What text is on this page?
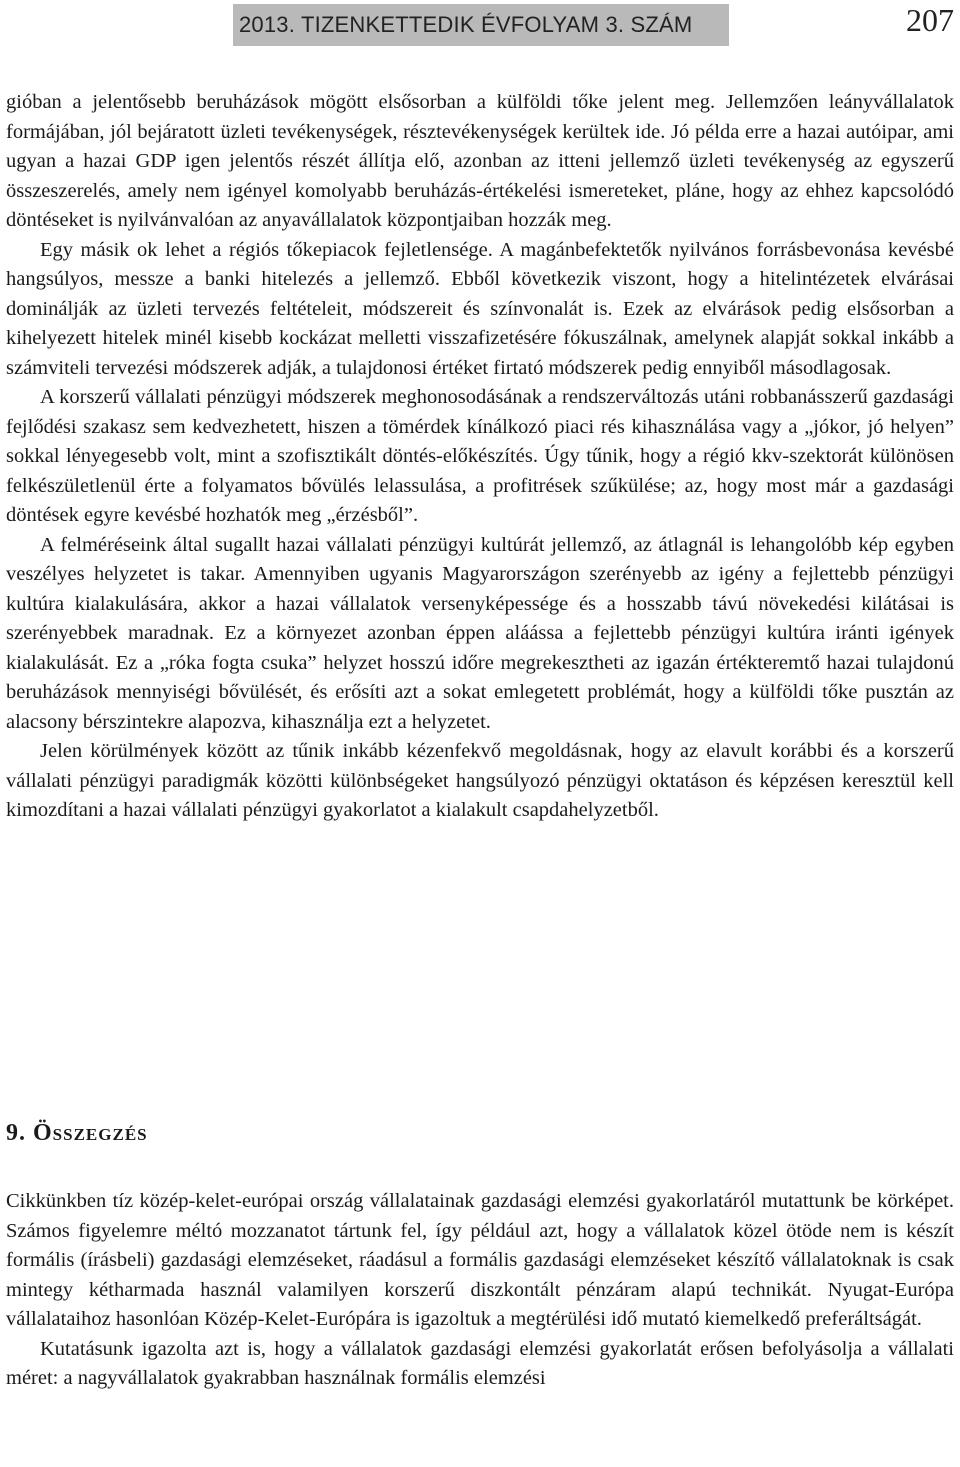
2013. TIZENKETTEDIK ÉVFOLYAM 3. SZÁM	207

gióban a jelentősebb beruházások mögött elsősorban a külföldi tőke jelent meg. Jellemzően leányvállalatok formájában, jól bejáratott üzleti tevékenységek, résztevékenységek kerültek ide. Jó példa erre a hazai autóipar, ami ugyan a hazai GDP igen jelentős részét állítja elő, azonban az itteni jellemző üzleti tevékenység az egyszerű összeszerelés, amely nem igényel komolyabb beruházás-értékelési ismereteket, pláne, hogy az ehhez kapcsolódó döntéseket is nyilvánvalóan az anyavállalatok központjaiban hozzák meg.

Egy másik ok lehet a régiós tőkepiacok fejletlensége. A magánbefektetők nyilvános forrásbevonása kevésbé hangsúlyos, messze a banki hitelezés a jellemző. Ebből következik viszont, hogy a hitelintézetek elvárásai dominálják az üzleti tervezés feltételeit, módszereit és színvonalát is. Ezek az elvárások pedig elsősorban a kihelyezett hitelek minél kisebb kockázat melletti visszafizetésére fókuszálnak, amelynek alapját sokkal inkább a számviteli tervezési módszerek adják, a tulajdonosi értéket firtató módszerek pedig ennyiből másodlagosak.

A korszerű vállalati pénzügyi módszerek meghonosodásának a rendszerváltozás utáni robbanásszerű gazdasági fejlődési szakasz sem kedvezhetett, hiszen a tömérdek kínálkozó piaci rés kihasználása vagy a „jókor, jó helyen” sokkal lényegesebb volt, mint a szofisztikált döntés-előkészítés. Úgy tűnik, hogy a régió kkv-szektorát különösen felkészületlenül érte a folyamatos bővülés lelassulása, a profitrések szűkülése; az, hogy most már a gazdasági döntések egyre kevésbé hozhatók meg „érzésből”.

A felméréseink által sugallt hazai vállalati pénzügyi kultúrát jellemző, az átlagnál is lehangolóbb kép egyben veszélyes helyzetet is takar. Amennyiben ugyanis Magyarországon szerényebb az igény a fejlettebb pénzügyi kultúra kialakulására, akkor a hazai vállalatok versenyképessége és a hosszabb távú növekedési kilátásai is szerényebbek maradnak. Ez a környezet azonban éppen aláássa a fejlettebb pénzügyi kultúra iránti igények kialakulását. Ez a „róka fogta csuka” helyzet hosszú időre megrekesztheti az igazán értékteremtő hazai tulajdonú beruházások mennyiségi bővülését, és erősíti azt a sokat emlegetett problémát, hogy a külföldi tőke pusztán az alacsony bérszintekre alapozva, kihasználja ezt a helyzetet.

Jelen körülmények között az tűnik inkább kézenfekvő megoldásnak, hogy az elavult korábbi és a korszerű vállalati pénzügyi paradigmák közötti különbségeket hangsúlyozó pénzügyi oktatáson és képzésen keresztül kell kimozdítani a hazai vállalati pénzügyi gyakorlatot a kialakult csapdahelyzetből.

9. Összegzés

Cikkünkben tíz közép-kelet-európai ország vállalatainak gazdasági elemzési gyakorlatáról mutattunk be körképet. Számos figyelemre méltó mozzanatot tártunk fel, így például azt, hogy a vállalatok közel ötöde nem is készít formális (írásbeli) gazdasági elemzéseket, ráadásul a formális gazdasági elemzéseket készítő vállalatoknak is csak mintegy kétharmada használ valamilyen korszerű diszkontált pénzáram alapú technikát. Nyugat-Európa vállalataihoz hasonlóan Közép-Kelet-Európára is igazoltuk a megtérülési idő mutató kiemelkedő preferáltságát.

Kutatásunk igazolta azt is, hogy a vállalatok gazdasági elemzési gyakorlatát erősen befolyásolja a vállalati méret: a nagyvállalatok gyakrabban használnak formális elemzési
